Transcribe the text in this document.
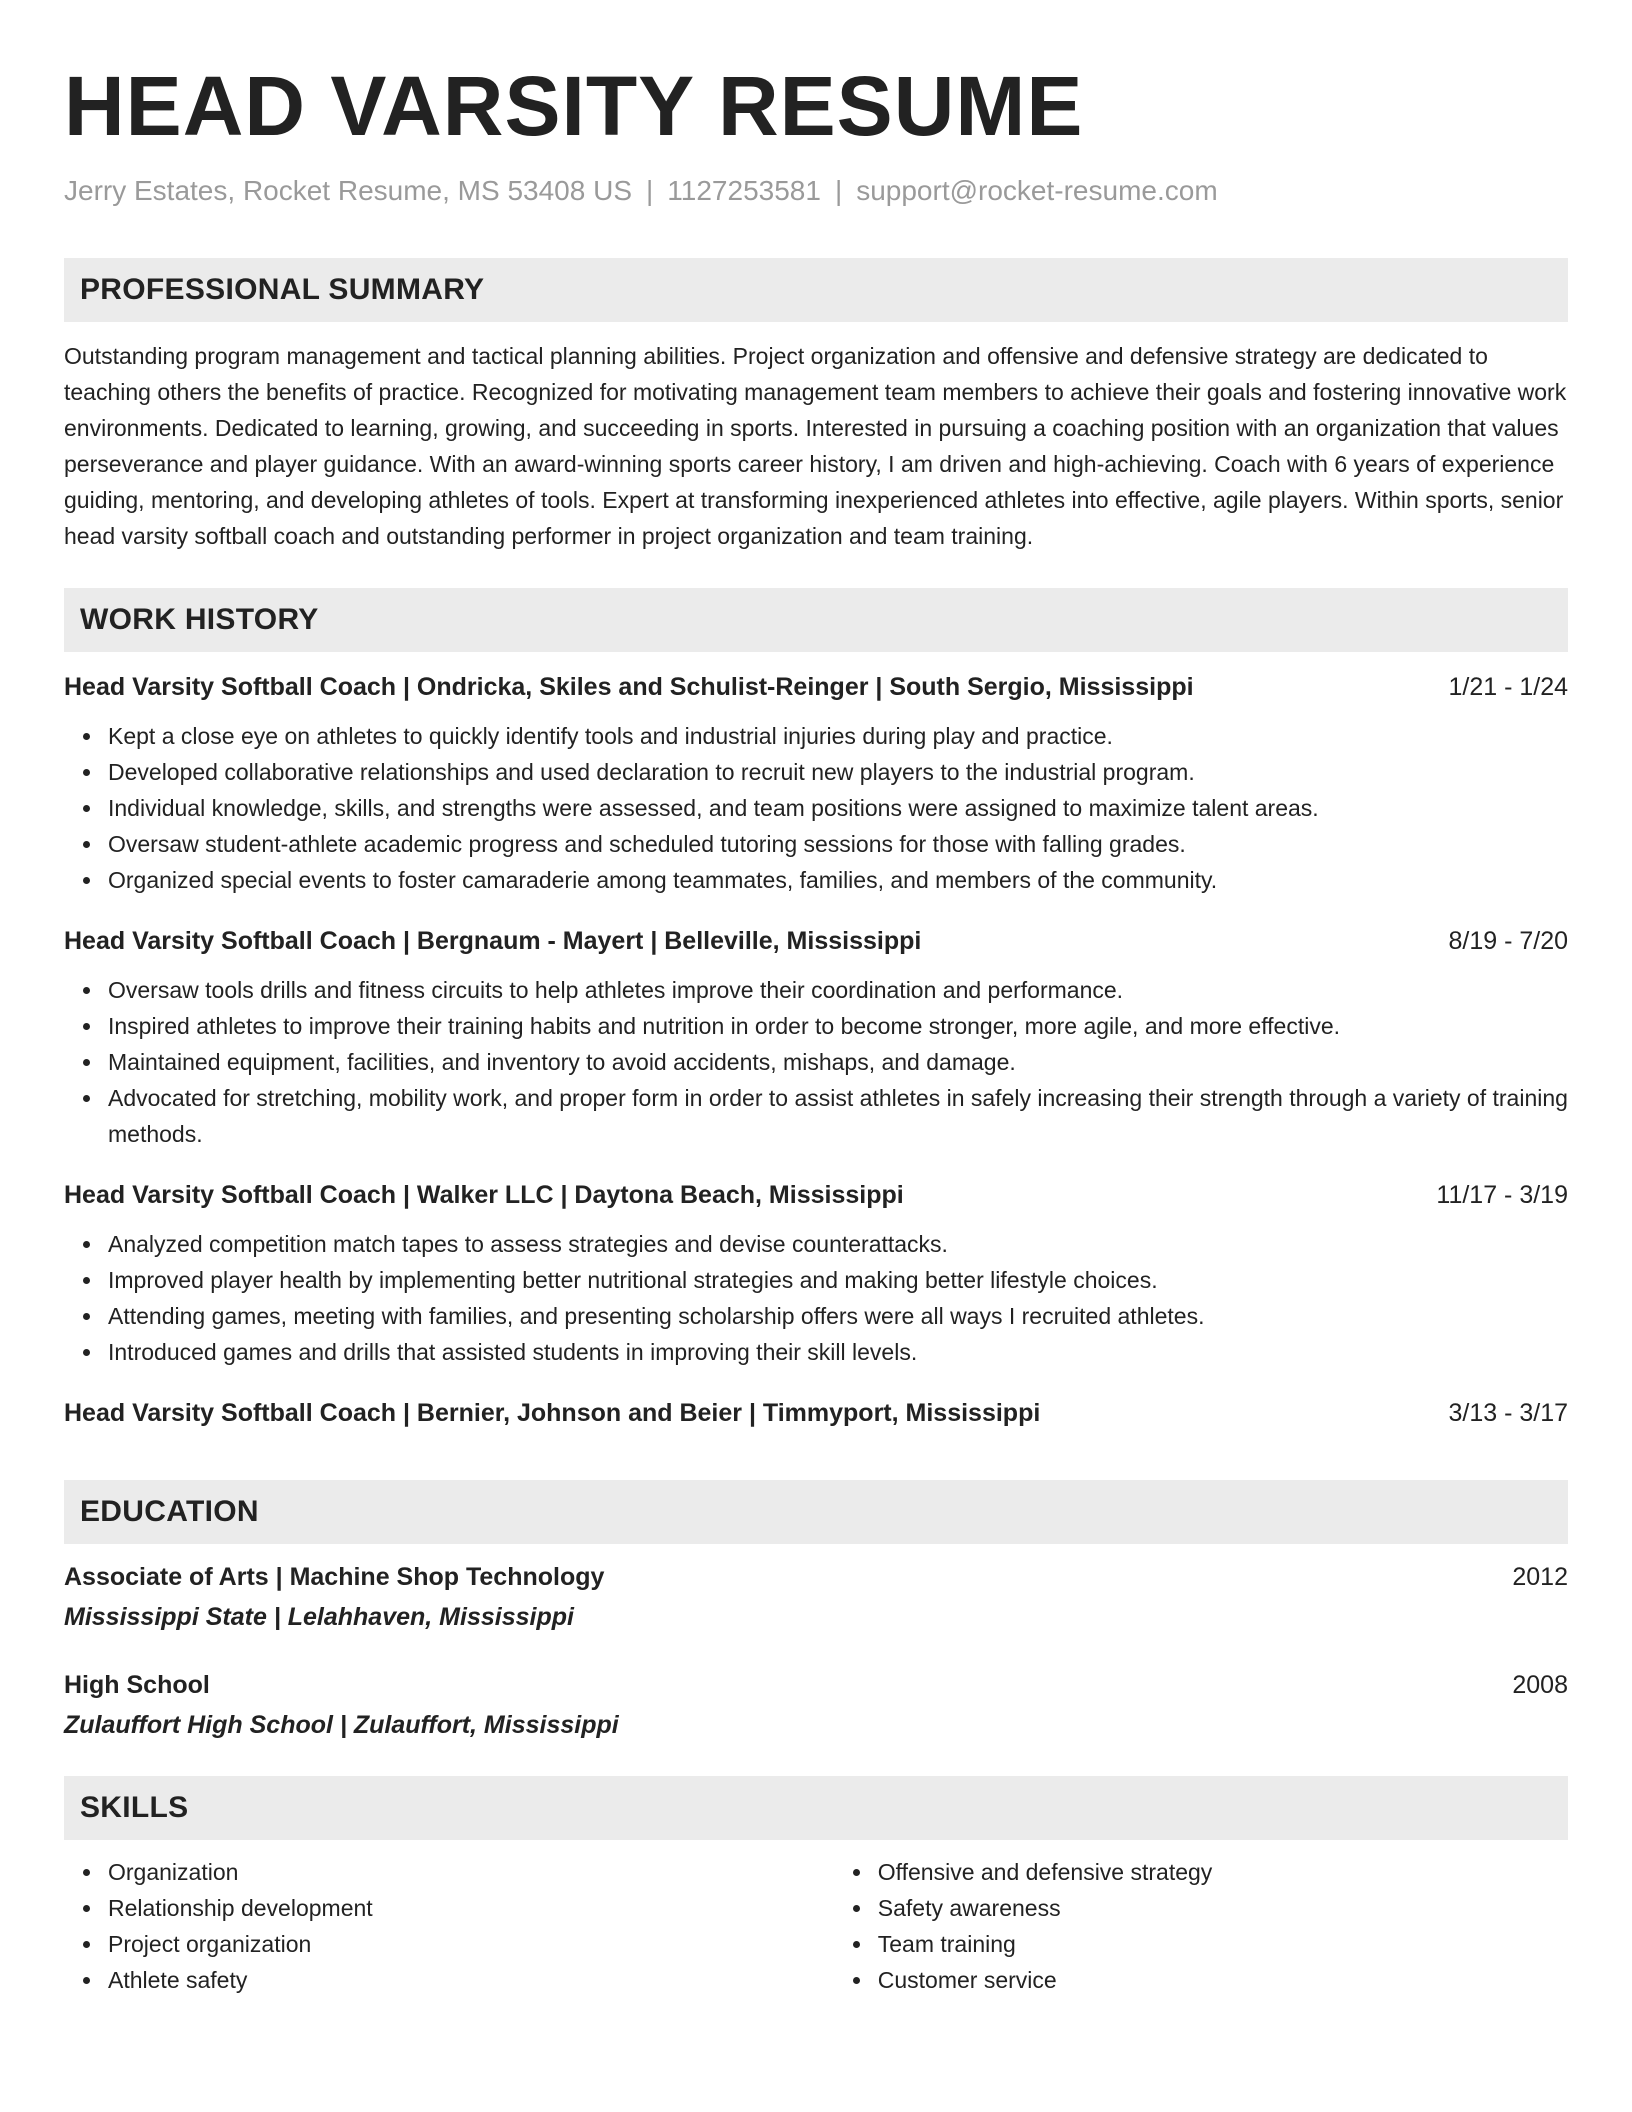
HEAD VARSITY RESUME
Jerry Estates, Rocket Resume, MS 53408 US | 1127253581 | support@rocket-resume.com
PROFESSIONAL SUMMARY

Outstanding program management and tactical planning abilities. Project organization and offensive and defensive strategy are dedicated to teaching others the benefits of practice. Recognized for motivating management team members to achieve their goals and fostering innovative work environments. Dedicated to learning, growing, and succeeding in sports. Interested in pursuing a coaching position with an organization that values perseverance and player guidance. With an award-winning sports career history, I am driven and high-achieving. Coach with 6 years of experience guiding, mentoring, and developing athletes of tools. Expert at transforming inexperienced athletes into effective, agile players. Within sports, senior head varsity softball coach and outstanding performer in project organization and team training.

WORK HISTORY
Head Varsity Softball Coach | Ondricka, Skiles and Schulist-Reinger | South Sergio, Mississippi	1/21 - 1/24
Kept a close eye on athletes to quickly identify tools and industrial injuries during play and practice.
Developed collaborative relationships and used declaration to recruit new players to the industrial program.
Individual knowledge, skills, and strengths were assessed, and team positions were assigned to maximize talent areas.
Oversaw student-athlete academic progress and scheduled tutoring sessions for those with falling grades.
Organized special events to foster camaraderie among teammates, families, and members of the community.
Head Varsity Softball Coach | Bergnaum - Mayert | Belleville, Mississippi	8/19 - 7/20
Oversaw tools drills and fitness circuits to help athletes improve their coordination and performance.
Inspired athletes to improve their training habits and nutrition in order to become stronger, more agile, and more effective.
Maintained equipment, facilities, and inventory to avoid accidents, mishaps, and damage.
Advocated for stretching, mobility work, and proper form in order to assist athletes in safely increasing their strength through a variety of training methods.
Head Varsity Softball Coach | Walker LLC | Daytona Beach, Mississippi	11/17 - 3/19
Analyzed competition match tapes to assess strategies and devise counterattacks.
Improved player health by implementing better nutritional strategies and making better lifestyle choices.
Attending games, meeting with families, and presenting scholarship offers were all ways I recruited athletes.
Introduced games and drills that assisted students in improving their skill levels.
Head Varsity Softball Coach | Bernier, Johnson and Beier | Timmyport, Mississippi	3/13 - 3/17
EDUCATION
Associate of Arts | Machine Shop Technology	2012
Mississippi State | Lelahhaven, Mississippi
High School	2008
Zulauffort High School | Zulauffort, Mississippi
SKILLS
Organization
Relationship development
Project organization
Athlete safety
Offensive and defensive strategy
Safety awareness
Team training
Customer service
